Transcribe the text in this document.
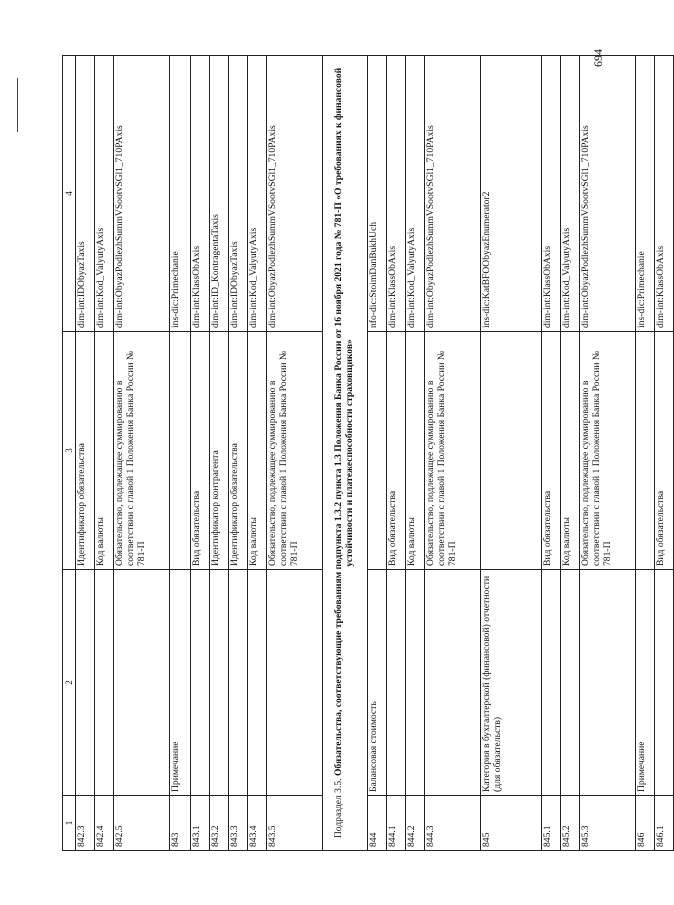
694
1	2	3	4
842.3		Идентификатор обязательства	dim-int:IDObyazTaxis
842.4		Код валюты	dim-int:Kod_ValyutyAxis
842.5		Обязательство, подлежащее суммированию в соответствии с главой 1 Положения Банка России № 781-П	dim-int:ObyazPodlezhSummVSootvSGl1_710PAxis
843	Примечание		ins-dic:Primechanie
843.1		Вид обязательства	dim-int:KlassObAxis
843.2		Идентификатор контрагента	dim-int:ID_KontragentaTaxis
843.3		Идентификатор обязательства	dim-int:IDObyazTaxis
843.4		Код валюты	dim-int:Kod_ValyutyAxis
843.5		Обязательство, подлежащее суммированию в соответствии с главой 1 Положения Банка России № 781-П	dim-int:ObyazPodlezhSummVSootvSGl1_710PAxis
Подраздел 3.5. Обязательства, соответствующие требованиям подпункта 1.3.2 пункта 1.3 Положения Банка России от 16 ноября 2021 года № 781-П «О требованиях к финансовой устойчивости и платежеспособности страховщиков»			
844	Балансовая стоимость		nfo-dic:StoimDanBukhUch
844.1		Вид обязательства	dim-int:KlassObAxis
844.2		Код валюты	dim-int:Kod_ValyutyAxis
844.3		Обязательство, подлежащее суммированию в соответствии с главой 1 Положения Банка России № 781-П	dim-int:ObyazPodlezhSummVSootvSGl1_710PAxis
845	Категория в бухгалтерской (финансовой) отчетности (для обязательств)		ins-dic:KatBFOObyazEnumerator2
845.1		Вид обязательства	dim-int:KlassObAxis
845.2		Код валюты	dim-int:Kod_ValyutyAxis
845.3		Обязательство, подлежащее суммированию в соответствии с главой 1 Положения Банка России № 781-П	dim-int:ObyazPodlezhSummVSootvSGl1_710PAxis
846	Примечание		ins-dic:Primechanie
846.1		Вид обязательства	dim-int:KlassObAxis
